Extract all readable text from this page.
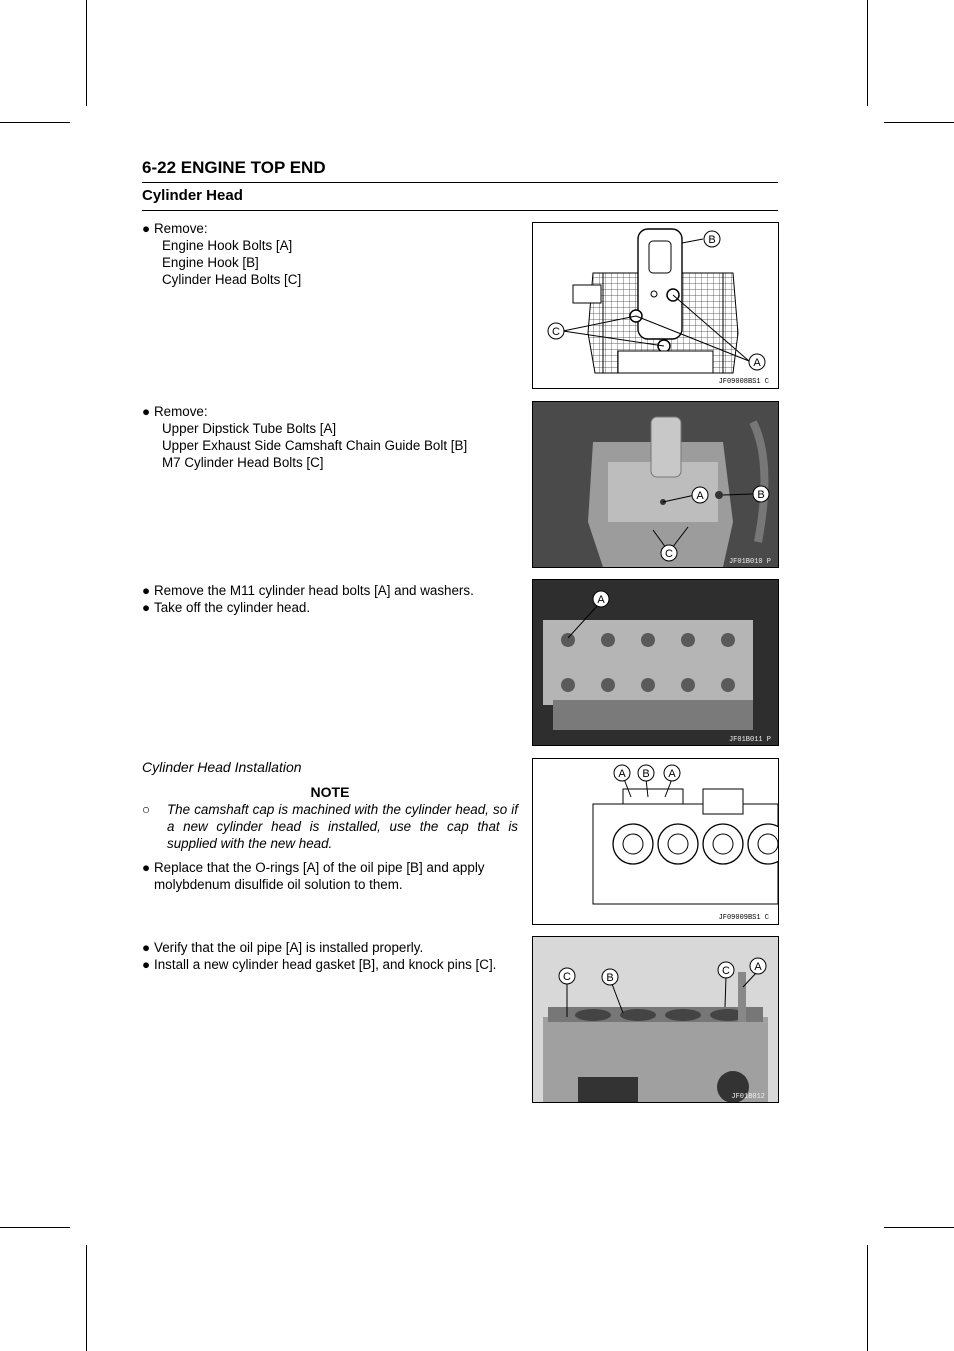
6-22 ENGINE TOP END
Cylinder Head
● Remove:
Engine Hook Bolts [A]
Engine Hook [B]
Cylinder Head Bolts [C]
● Remove:
Upper Dipstick Tube Bolts [A]
Upper Exhaust Side Camshaft Chain Guide Bolt [B]
M7 Cylinder Head Bolts [C]
● Remove the M11 cylinder head bolts [A] and washers.
● Take off the cylinder head.
Cylinder Head Installation
NOTE
○ The camshaft cap is machined with the cylinder head, so if a new cylinder head is installed, use the cap that is supplied with the new head.
● Replace that the O-rings [A] of the oil pipe [B] and apply molybdenum disulfide oil solution to them.
● Verify that the oil pipe [A] is installed properly.
● Install a new cylinder head gasket [B], and knock pins [C].
B
C
A
JF09008BS1 C
A	B
C
JF01B010 P
A
JF01B011 P
A B A
JF09009BS1 C
C	B
C A
JF01B012
